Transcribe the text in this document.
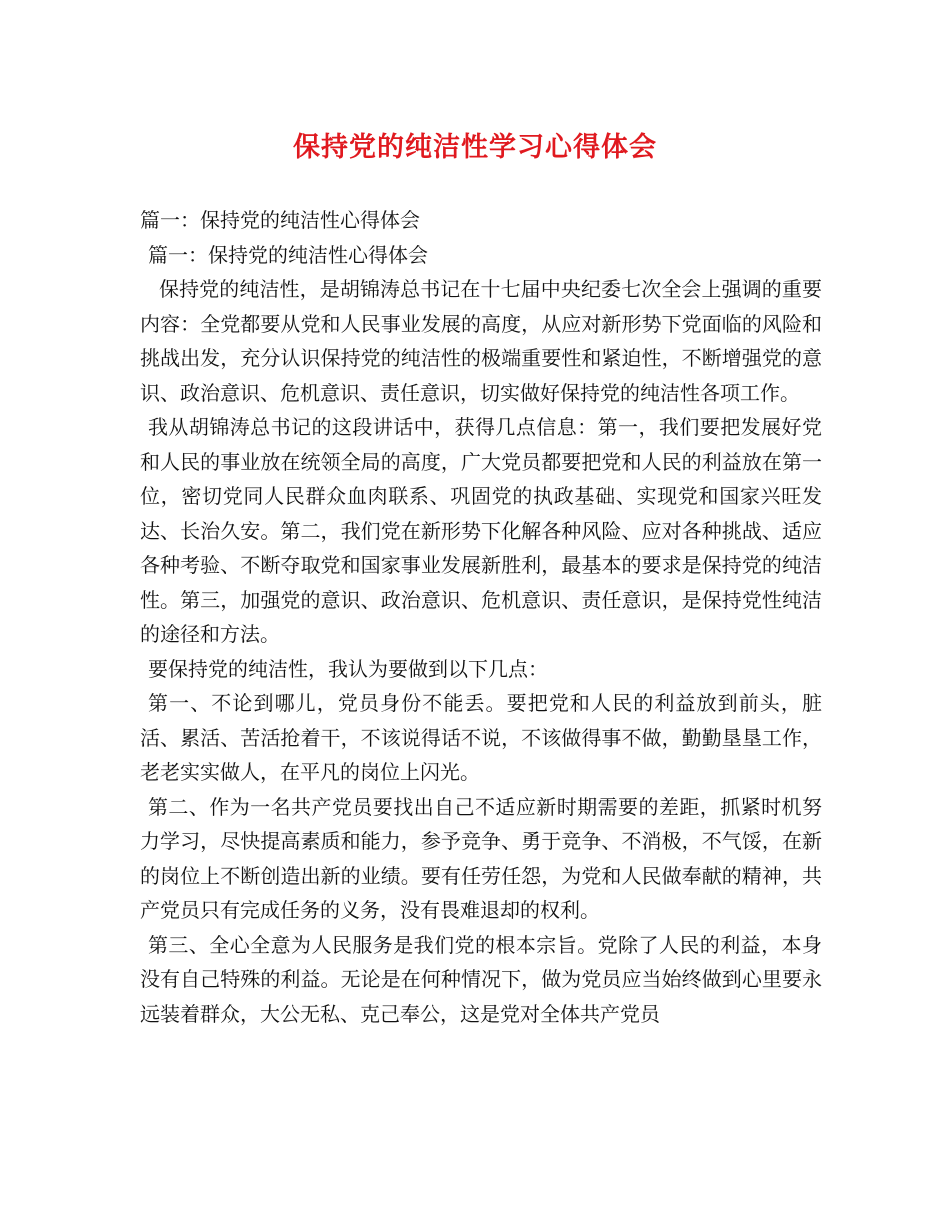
保持党的纯洁性学习心得体会

篇一：保持党的纯洁性心得体会

篇一：保持党的纯洁性心得体会

保持党的纯洁性，是胡锦涛总书记在十七届中央纪委七次全会上强调的重要内容：全党都要从党和人民事业发展的高度，从应对新形势下党面临的风险和挑战出发，充分认识保持党的纯洁性的极端重要性和紧迫性，不断增强党的意识、政治意识、危机意识、责任意识，切实做好保持党的纯洁性各项工作。

我从胡锦涛总书记的这段讲话中，获得几点信息：第一，我们要把发展好党和人民的事业放在统领全局的高度，广大党员都要把党和人民的利益放在第一位，密切党同人民群众血肉联系、巩固党的执政基础、实现党和国家兴旺发达、长治久安。第二，我们党在新形势下化解各种风险、应对各种挑战、适应各种考验、不断夺取党和国家事业发展新胜利，最基本的要求是保持党的纯洁性。第三，加强党的意识、政治意识、危机意识、责任意识，是保持党性纯洁的途径和方法。

要保持党的纯洁性，我认为要做到以下几点：

第一、不论到哪儿，党员身份不能丢。要把党和人民的利益放到前头，脏活、累活、苦活抢着干，不该说得话不说，不该做得事不做，勤勤垦垦工作，老老实实做人，在平凡的岗位上闪光。

第二、作为一名共产党员要找出自己不适应新时期需要的差距，抓紧时机努力学习，尽快提高素质和能力，参予竞争、勇于竞争、不消极，不气馁，在新的岗位上不断创造出新的业绩。要有任劳任怨，为党和人民做奉献的精神，共产党员只有完成任务的义务，没有畏难退却的权利。

第三、全心全意为人民服务是我们党的根本宗旨。党除了人民的利益，本身没有自己特殊的利益。无论是在何种情况下，做为党员应当始终做到心里要永远装着群众，大公无私、克己奉公，这是党对全体共产党员
